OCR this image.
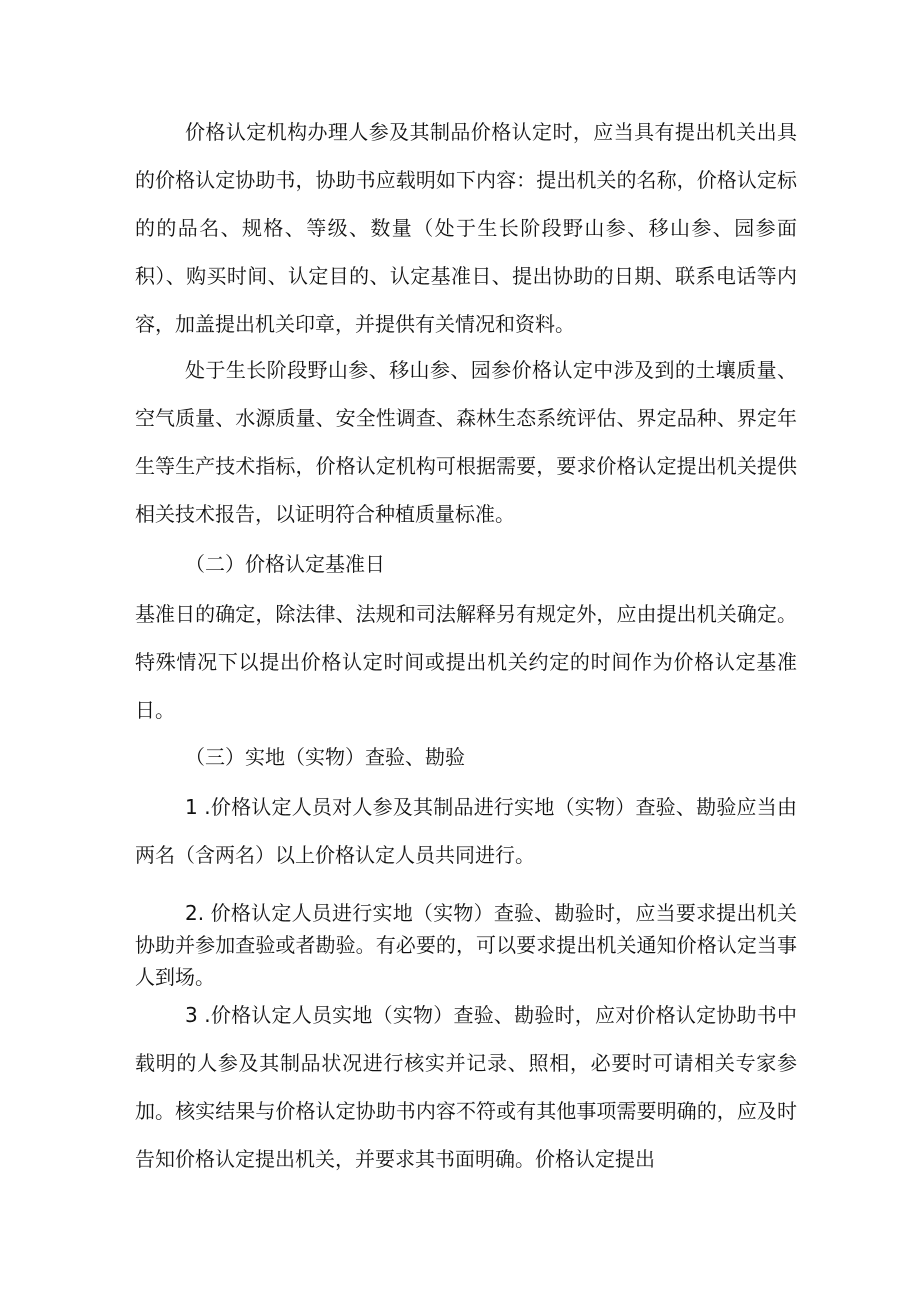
价格认定机构办理人参及其制品价格认定时，应当具有提出机关出具的价格认定协助书，协助书应载明如下内容：提出机关的名称，价格认定标的的品名、规格、等级、数量（处于生长阶段野山参、移山参、园参面积）、购买时间、认定目的、认定基准日、提出协助的日期、联系电话等内容，加盖提出机关印章，并提供有关情况和资料。

处于生长阶段野山参、移山参、园参价格认定中涉及到的土壤质量、空气质量、水源质量、安全性调查、森林生态系统评估、界定品种、界定年生等生产技术指标，价格认定机构可根据需要，要求价格认定提出机关提供相关技术报告，以证明符合种植质量标准。

（二）价格认定基准日

基准日的确定，除法律、法规和司法解释另有规定外，应由提出机关确定。特殊情况下以提出价格认定时间或提出机关约定的时间作为价格认定基准日。

（三）实地（实物）查验、勘验

1 .价格认定人员对人参及其制品进行实地（实物）查验、勘验应当由两名（含两名）以上价格认定人员共同进行。

2. 价格认定人员进行实地（实物）查验、勘验时，应当要求提出机关协助并参加查验或者勘验。有必要的，可以要求提出机关通知价格认定当事人到场。

3 .价格认定人员实地（实物）查验、勘验时，应对价格认定协助书中载明的人参及其制品状况进行核实并记录、照相，必要时可请相关专家参加。核实结果与价格认定协助书内容不符或有其他事项需要明确的，应及时告知价格认定提出机关，并要求其书面明确。价格认定提出
